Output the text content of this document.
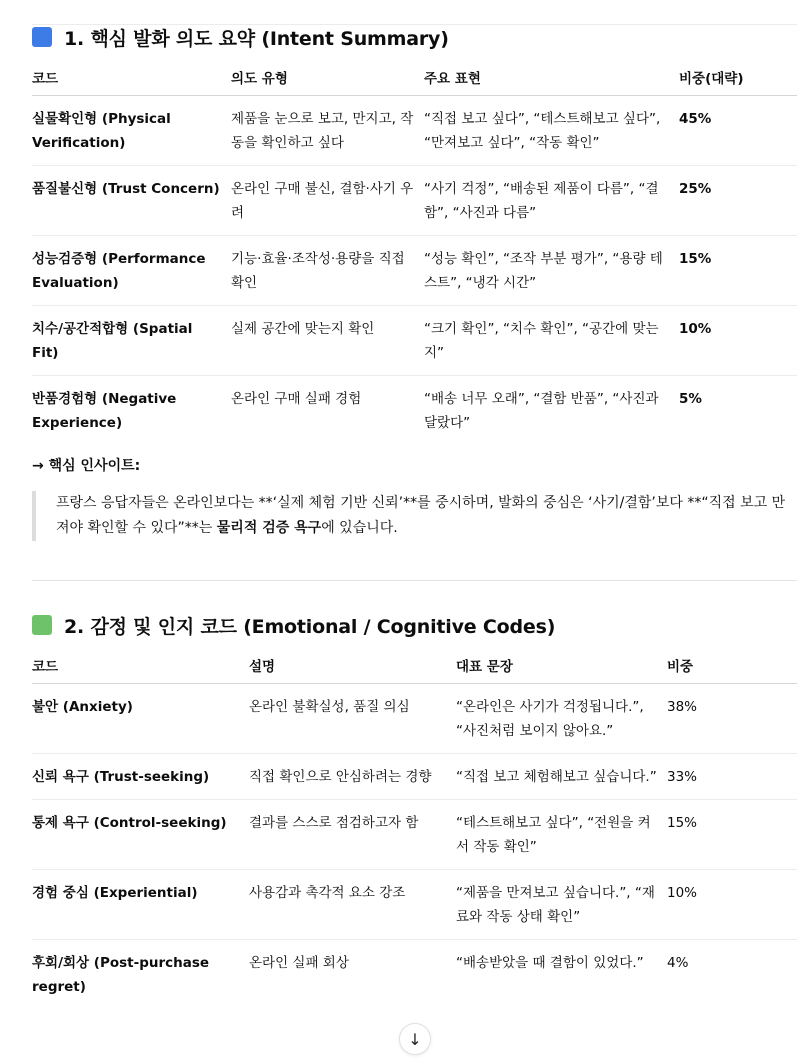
1. 핵심 발화 의도 요약 (Intent Summary)
코드	의도 유형	주요 표현	비중(대략)
실물확인형 (Physical Verification)	제품을 눈으로 보고, 만지고, 작동을 확인하고 싶다	“직접 보고 싶다”, “테스트해보고 싶다”, “만져보고 싶다”, “작동 확인”	45%
품질불신형 (Trust Concern)	온라인 구매 불신, 결함·사기 우려	“사기 걱정”, “배송된 제품이 다름”, “결함”, “사진과 다름”	25%
성능검증형 (Performance Evaluation)	기능·효율·조작성·용량을 직접 확인	“성능 확인”, “조작 부분 평가”, “용량 테스트”, “냉각 시간”	15%
치수/공간적합형 (Spatial Fit)	실제 공간에 맞는지 확인	“크기 확인”, “치수 확인”, “공간에 맞는지”	10%
반품경험형 (Negative Experience)	온라인 구매 실패 경험	“배송 너무 오래”, “결함 반품”, “사진과 달랐다”	5%
→ 핵심 인사이트:
프랑스 응답자들은 온라인보다는 **‘실제 체험 기반 신뢰’**를 중시하며, 발화의 중심은 ‘사기/결함’보다 **“직접 보고 만져야 확인할 수 있다”**는 물리적 검증 욕구에 있습니다.
2. 감정 및 인지 코드 (Emotional / Cognitive Codes)
코드	설명	대표 문장	비중
불안 (Anxiety)	온라인 불확실성, 품질 의심	“온라인은 사기가 걱정됩니다.”, “사진처럼 보이지 않아요.”	38%
신뢰 욕구 (Trust-seeking)	직접 확인으로 안심하려는 경향	“직접 보고 체험해보고 싶습니다.”	33%
통제 욕구 (Control-seeking)	결과를 스스로 점검하고자 함	“테스트해보고 싶다”, “전원을 켜서 작동 확인”	15%
경험 중심 (Experiential)	사용감과 촉각적 요소 강조	“제품을 만져보고 싶습니다.”, “재료와 작동 상태 확인”	10%
후회/회상 (Post-purchase regret)	온라인 실패 회상	“배송받았을 때 결함이 있었다.”	4%
↓
